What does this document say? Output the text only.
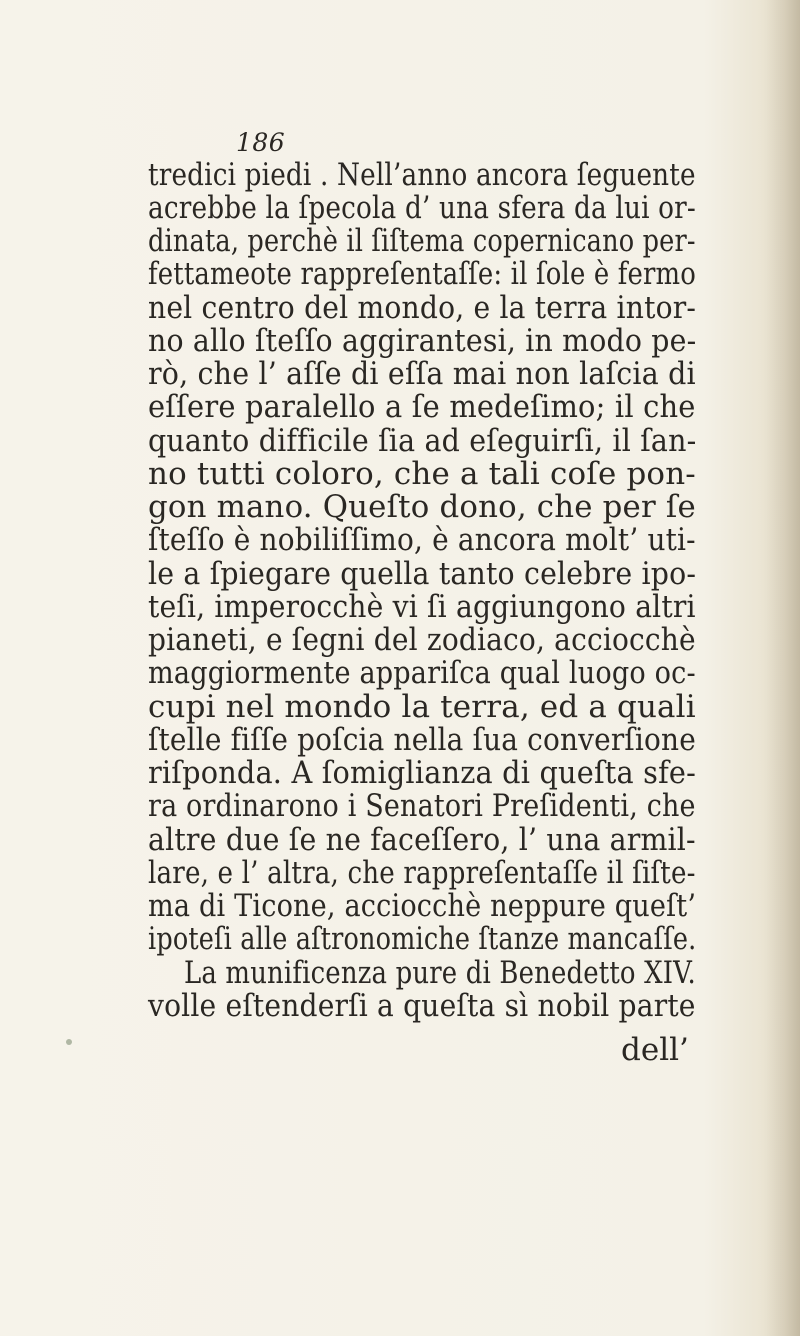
186
tredici piedi . Nell’anno ancora ſeguente
acrebbe la ſpecola d’ una sfera da lui or-
dinata, perchè il ſiſtema copernicano per-
fettameote rappreſentaſſe: il ſole è fermo
nel centro del mondo, e la terra intor-
no allo ſteſſo aggirantesi, in modo pe-
rò, che l’ aſſe di eſſa mai non laſcia di
eſſere paralello a ſe medeſimo; il che
quanto difficile ſia ad eſeguirſi, il ſan-
no tutti coloro, che a tali coſe pon-
gon mano. Queſto dono, che per ſe
ſteſſo è nobiliſſimo, è ancora molt’ uti-
le a ſpiegare quella tanto celebre ipo-
teſi, imperocchè vi ſi aggiungono altri
pianeti, e ſegni del zodiaco, acciocchè
maggiormente appariſca qual luogo oc-
cupi nel mondo la terra, ed a quali
ſtelle fiſſe poſcia nella ſua converſione
riſponda. A ſomiglianza di queſta sfe-
ra ordinarono i Senatori Preſidenti, che
altre due ſe ne faceſſero, l’ una armil-
lare, e l’ altra, che rappreſentaſſe il ſiſte-
ma di Ticone, acciocchè neppure queſt’
ipoteſi alle aſtronomiche ſtanze mancaſſe.
La munificenza pure di Benedetto XIV.
volle eſtenderſi a queſta sì nobil parte
dell’
